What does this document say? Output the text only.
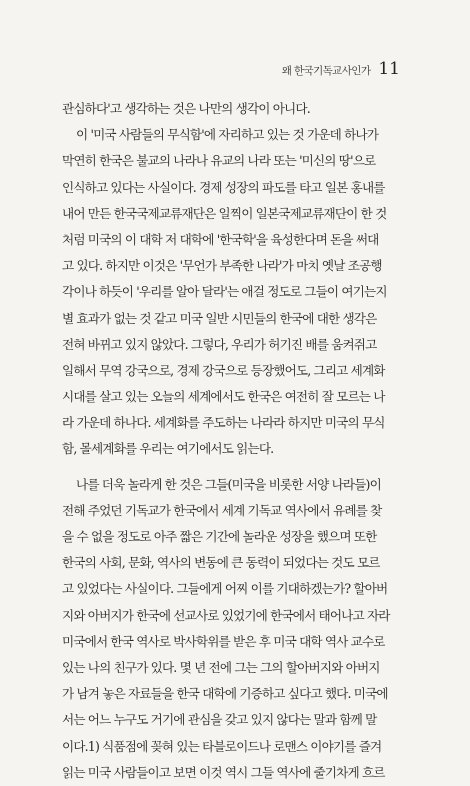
왜 한국기독교사인가 11
관심하다'고 생각하는 것은 나만의 생각이 아니다.
이 '미국 사람들의 무식함'에 자리하고 있는 것 가운데 하나가
막연히 한국은 불교의 나라나 유교의 나라 또는 '미신의 땅'으로
인식하고 있다는 사실이다. 경제 성장의 파도를 타고 일본 홍내를
내어 만든 한국국제교류재단은 일찍이 일본국제교류재단이 한 것
처럼 미국의 이 대학 저 대학에 '한국학'을 육성한다며 돈을 써대
고 있다. 하지만 이것은 '무언가 부족한 나라'가 마치 옛날 조공행
각이나 하듯이 '우리를 알아 달라'는 애걸 정도로 그들이 여기는지
별 효과가 없는 것 같고 미국 일반 시민들의 한국에 대한 생각은
전혀 바뀌고 있지 않았다. 그렇다, 우리가 허기진 배를 움켜쥐고
일해서 무역 강국으로, 경제 강국으로 등장했어도, 그리고 세계화
시대를 살고 있는 오늘의 세계에서도 한국은 여전히 잘 모르는 나
라 가운데 하나다. 세계화를 주도하는 나라라 하지만 미국의 무식
함, 몰세계화를 우리는 여기에서도 읽는다.
나를 더욱 놀라게 한 것은 그들(미국을 비롯한 서양 나라들)이
전해 주었던 기독교가 한국에서 세계 기독교 역사에서 유례를 찾
을 수 없을 정도로 아주 짧은 기간에 놀라운 성장을 했으며 또한
한국의 사회, 문화, 역사의 변동에 큰 동력이 되었다는 것도 모르
고 있었다는 사실이다. 그들에게 어찌 이를 기대하겠는가? 할아버
지와 아버지가 한국에 선교사로 있었기에 한국에서 태어나고 자라
미국에서 한국 역사로 박사학위를 받은 후 미국 대학 역사 교수로
있는 나의 친구가 있다. 몇 년 전에 그는 그의 할아버지와 아버지
가 남겨 놓은 자료들을 한국 대학에 기증하고 싶다고 했다. 미국에
서는 어느 누구도 거기에 관심을 갖고 있지 않다는 말과 함께 말
이다.1) 식품점에 꽂혀 있는 타블로이드나 로맨스 이야기를 즐겨
읽는 미국 사람들이고 보면 이것 역시 그들 역사에 줄기차게 흐르
